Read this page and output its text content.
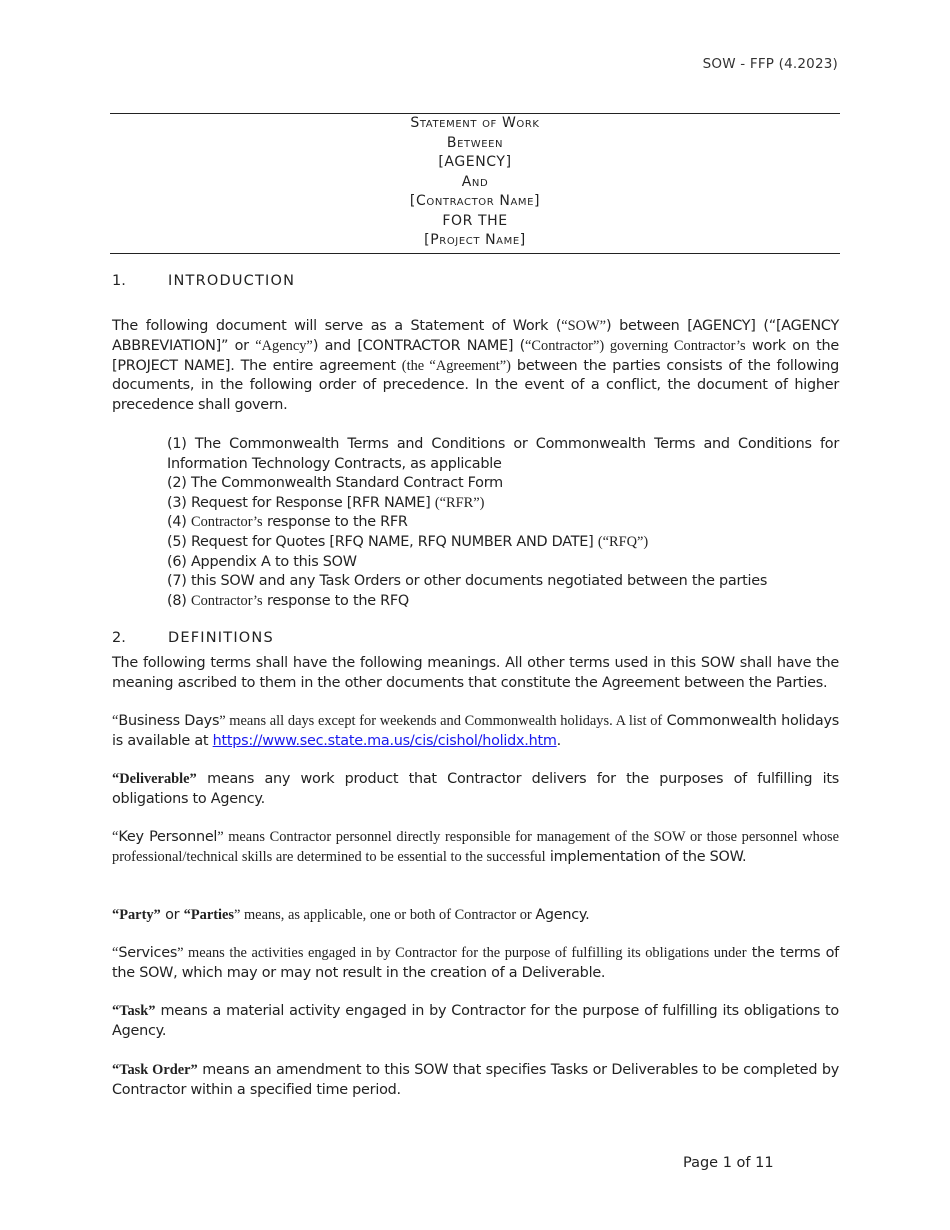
SOW - FFP (4.2023)
Statement of Work
Between
[AGENCY]
And
[Contractor Name]
FOR THE
[Project Name]
1.	INTRODUCTION
The following document will serve as a Statement of Work (“SOW”) between [AGENCY] (“[AGENCY ABBREVIATION]” or “Agency”) and [CONTRACTOR NAME] (“Contractor”) governing Contractor’s work on the [PROJECT NAME]. The entire agreement (the “Agreement”) between the parties consists of the following documents, in the following order of precedence. In the event of a conflict, the document of higher precedence shall govern.
(1) The Commonwealth Terms and Conditions or Commonwealth Terms and Conditions for Information Technology Contracts, as applicable
(2) The Commonwealth Standard Contract Form
(3) Request for Response [RFR NAME] (“RFR”)
(4) Contractor’s response to the RFR
(5) Request for Quotes [RFQ NAME, RFQ NUMBER AND DATE] (“RFQ”)
(6) Appendix A to this SOW
(7) this SOW and any Task Orders or other documents negotiated between the parties
(8) Contractor’s response to the RFQ
2.	DEFINITIONS
The following terms shall have the following meanings. All other terms used in this SOW shall have the meaning ascribed to them in the other documents that constitute the Agreement between the Parties.
“Business Days” means all days except for weekends and Commonwealth holidays. A list of Commonwealth holidays is available at https://www.sec.state.ma.us/cis/cishol/holidx.htm.
“Deliverable” means any work product that Contractor delivers for the purposes of fulfilling its obligations to Agency.
“Key Personnel” means Contractor personnel directly responsible for management of the SOW or those personnel whose professional/technical skills are determined to be essential to the successful implementation of the SOW.
“Party” or “Parties” means, as applicable, one or both of Contractor or Agency.
“Services” means the activities engaged in by Contractor for the purpose of fulfilling its obligations under the terms of the SOW, which may or may not result in the creation of a Deliverable.
“Task” means a material activity engaged in by Contractor for the purpose of fulfilling its obligations to Agency.
“Task Order” means an amendment to this SOW that specifies Tasks or Deliverables to be completed by Contractor within a specified time period.
Page 1 of 11
